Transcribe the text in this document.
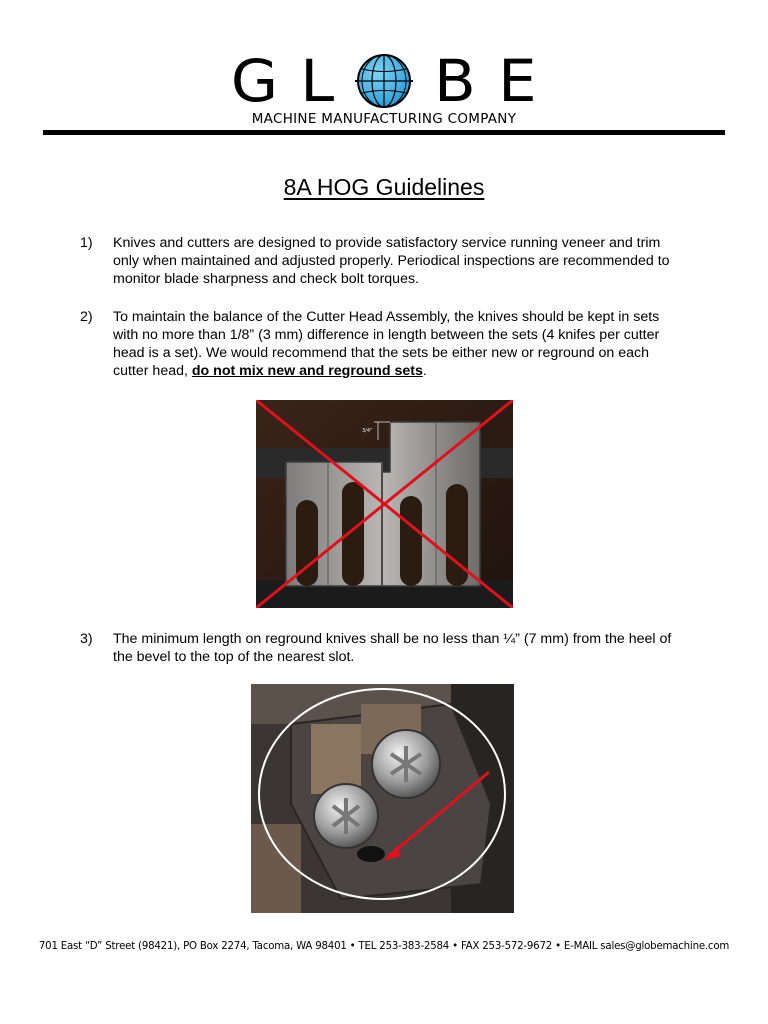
G L B E
MACHINE MANUFACTURING COMPANY
8A HOG Guidelines
1)	Knives and cutters are designed to provide satisfactory service running veneer and trim only when maintained and adjusted properly. Periodical inspections are recommended to monitor blade sharpness and check bolt torques.
2)	To maintain the balance of the Cutter Head Assembly, the knives should be kept in sets with no more than 1/8” (3 mm) difference in length between the sets (4 knifes per cutter head is a set). We would recommend that the sets be either new or reground on each cutter head, do not mix new and reground sets.
3/4"
3)	The minimum length on reground knives shall be no less than ¼” (7 mm) from the heel of the bevel to the top of the nearest slot.
701 East “D” Street (98421), PO Box 2274, Tacoma, WA 98401 • TEL 253-383-2584 • FAX 253-572-9672 • E-MAIL sales@globemachine.com
